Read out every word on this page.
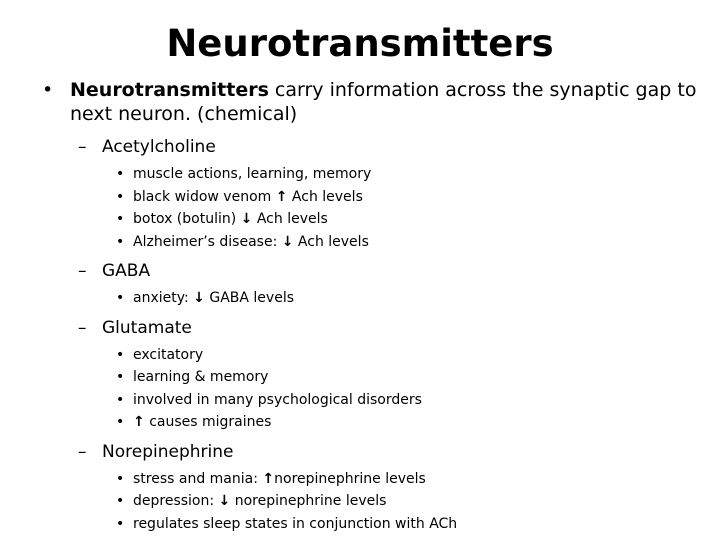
Neurotransmitters
• Neurotransmitters carry information across the synaptic gap to next neuron. (chemical)
– Acetylcholine
• muscle actions, learning, memory
• black widow venom ↑ Ach levels
• botox (botulin) ↓ Ach levels
• Alzheimer’s disease: ↓ Ach levels
– GABA
• anxiety: ↓ GABA levels
– Glutamate
• excitatory
• learning & memory
• involved in many psychological disorders
• ↑ causes migraines
– Norepinephrine
• stress and mania: ↑norepinephrine levels
• depression: ↓ norepinephrine levels
• regulates sleep states in conjunction with ACh
